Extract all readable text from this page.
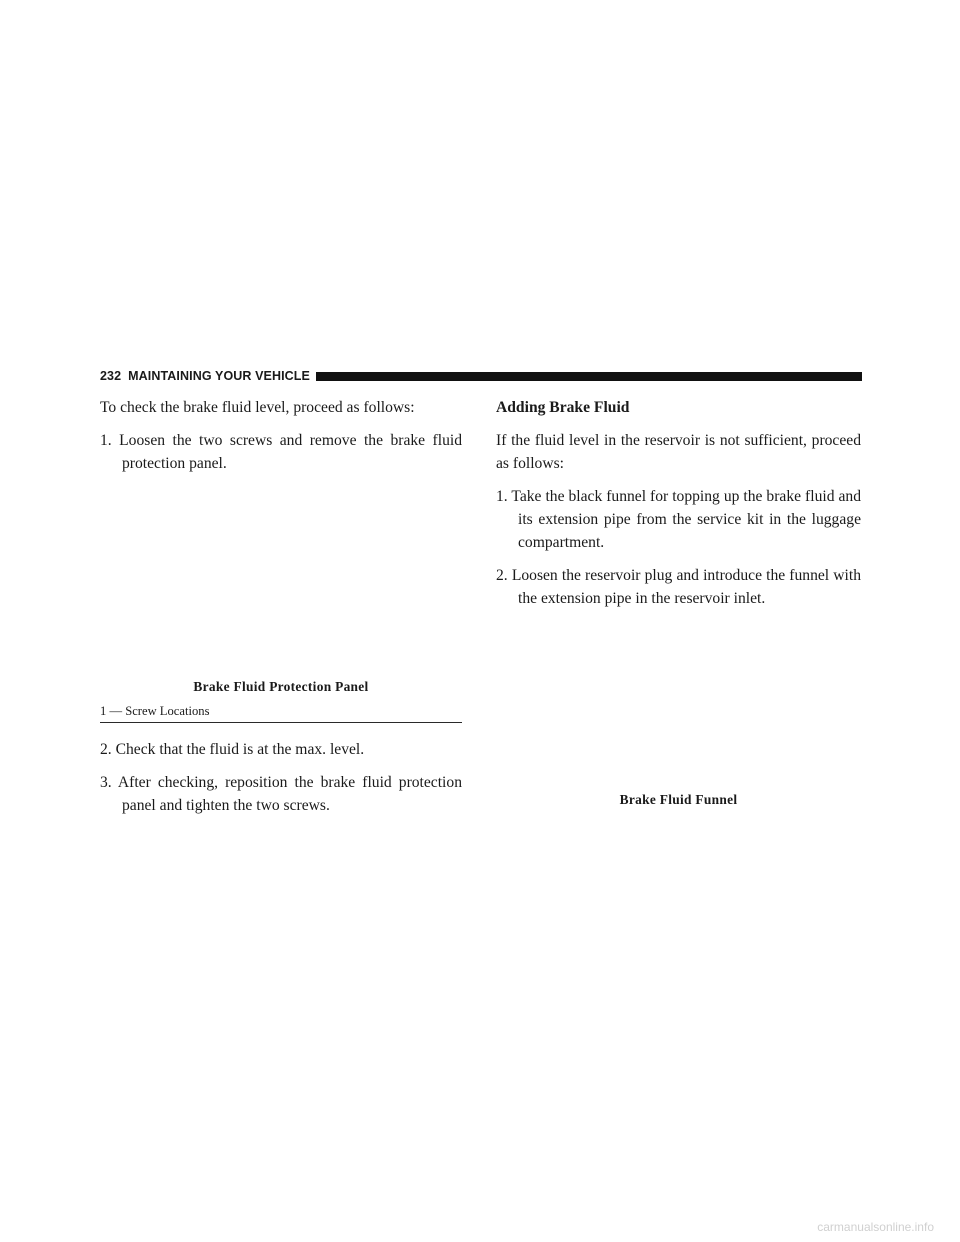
232 MAINTAINING YOUR VEHICLE

To check the brake fluid level, proceed as follows:

1. Loosen the two screws and remove the brake fluid protection panel.

Brake Fluid Protection Panel
1 — Screw Locations

2. Check that the fluid is at the max. level.

3. After checking, reposition the brake fluid protection panel and tighten the two screws.

Adding Brake Fluid

If the fluid level in the reservoir is not sufficient, proceed as follows:

1. Take the black funnel for topping up the brake fluid and its extension pipe from the service kit in the luggage compartment.

2. Loosen the reservoir plug and introduce the funnel with the extension pipe in the reservoir inlet.

Brake Fluid Funnel
carmanualsonline.info
